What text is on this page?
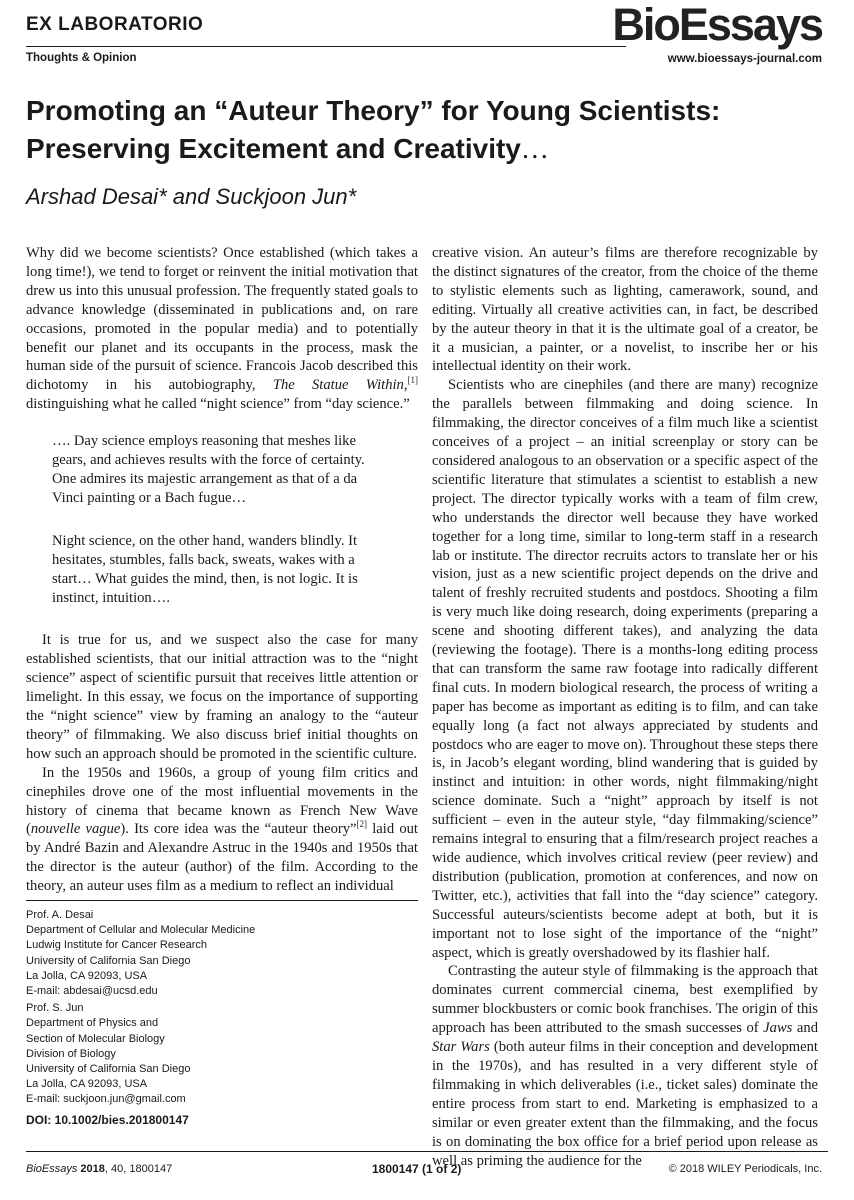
EX LABORATORIO
Thoughts & Opinion
BioEssays
www.bioessays-journal.com
Promoting an “Auteur Theory” for Young Scientists: Preserving Excitement and Creativity…

Arshad Desai* and Suckjoon Jun*

Why did we become scientists? Once established (which takes a long time!), we tend to forget or reinvent the initial motivation that drew us into this unusual profession. The frequently stated goals to advance knowledge (disseminated in publications and, on rare occasions, promoted in the popular media) and to potentially benefit our planet and its occupants in the process, mask the human side of the pursuit of science. Francois Jacob described this dichotomy in his autobiography, The Statue Within,[1] distinguishing what he called “night science” from “day science.”

…. Day science employs reasoning that meshes like gears, and achieves results with the force of certainty. One admires its majestic arrangement as that of a da Vinci painting or a Bach fugue…

Night science, on the other hand, wanders blindly. It hesitates, stumbles, falls back, sweats, wakes with a start… What guides the mind, then, is not logic. It is instinct, intuition….

It is true for us, and we suspect also the case for many established scientists, that our initial attraction was to the “night science” aspect of scientific pursuit that receives little attention or limelight. In this essay, we focus on the importance of supporting the “night science” view by framing an analogy to the “auteur theory” of filmmaking. We also discuss brief initial thoughts on how such an approach should be promoted in the scientific culture.

In the 1950s and 1960s, a group of young film critics and cinephiles drove one of the most influential movements in the history of cinema that became known as French New Wave (nouvelle vague). Its core idea was the “auteur theory”[2] laid out by André Bazin and Alexandre Astruc in the 1940s and 1950s that the director is the auteur (author) of the film. According to the theory, an auteur uses film as a medium to reflect an individual

creative vision. An auteur’s films are therefore recognizable by the distinct signatures of the creator, from the choice of the theme to stylistic elements such as lighting, camerawork, sound, and editing. Virtually all creative activities can, in fact, be described by the auteur theory in that it is the ultimate goal of a creator, be it a musician, a painter, or a novelist, to inscribe her or his intellectual identity on their work.

Scientists who are cinephiles (and there are many) recognize the parallels between filmmaking and doing science. In filmmaking, the director conceives of a film much like a scientist conceives of a project – an initial screenplay or story can be considered analogous to an observation or a specific aspect of the scientific literature that stimulates a scientist to establish a new project. The director typically works with a team of film crew, who understands the director well because they have worked together for a long time, similar to long-term staff in a research lab or institute. The director recruits actors to translate her or his vision, just as a new scientific project depends on the drive and talent of freshly recruited students and postdocs. Shooting a film is very much like doing research, doing experiments (preparing a scene and shooting different takes), and analyzing the data (reviewing the footage). There is a months-long editing process that can transform the same raw footage into radically different final cuts. In modern biological research, the process of writing a paper has become as important as editing is to film, and can take equally long (a fact not always appreciated by students and postdocs who are eager to move on). Throughout these steps there is, in Jacob’s elegant wording, blind wandering that is guided by instinct and intuition: in other words, night filmmaking/night science dominate. Such a “night” approach by itself is not sufficient – even in the auteur style, “day filmmaking/science” remains integral to ensuring that a film/research project reaches a wide audience, which involves critical review (peer review) and distribution (publication, promotion at conferences, and now on Twitter, etc.), activities that fall into the “day science” category. Successful auteurs/scientists become adept at both, but it is important not to lose sight of the importance of the “night” aspect, which is greatly overshadowed by its flashier half.

Contrasting the auteur style of filmmaking is the approach that dominates current commercial cinema, best exemplified by summer blockbusters or comic book franchises. The origin of this approach has been attributed to the smash successes of Jaws and Star Wars (both auteur films in their conception and development in the 1970s), and has resulted in a very different style of filmmaking in which deliverables (i.e., ticket sales) dominate the entire process from start to end. Marketing is emphasized to a similar or even greater extent than the filmmaking, and the focus is on dominating the box office for a brief period upon release as well as priming the audience for the

Prof. A. Desai
Department of Cellular and Molecular Medicine
Ludwig Institute for Cancer Research
University of California San Diego
La Jolla, CA 92093, USA
E-mail: abdesai@ucsd.edu
Prof. S. Jun
Department of Physics and
Section of Molecular Biology
Division of Biology
University of California San Diego
La Jolla, CA 92093, USA
E-mail: suckjoon.jun@gmail.com
DOI: 10.1002/bies.201800147
BioEssays 2018, 40, 1800147	1800147 (1 of 2)	© 2018 WILEY Periodicals, Inc.
